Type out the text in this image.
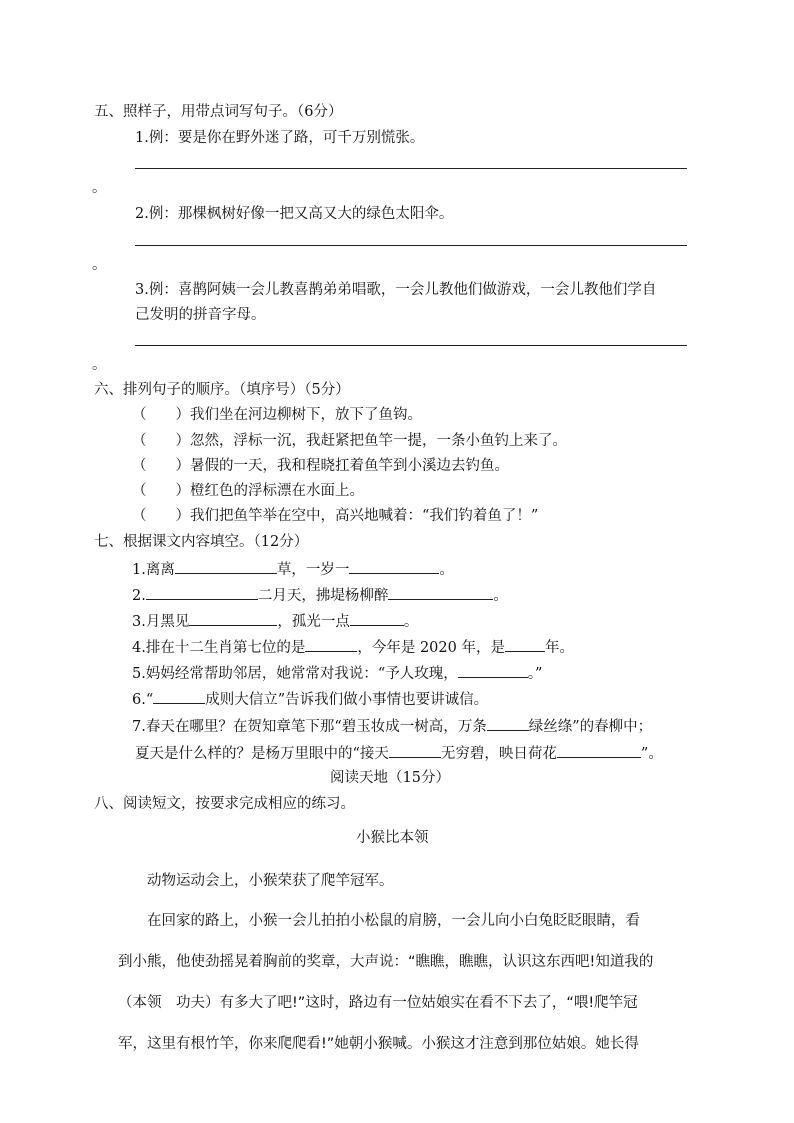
五、照样子，用带点词写句子。（6分）
1.例：要是你在野外迷了路，可千万别慌张。
。
2.例：那棵枫树好像一把又高又大的绿色太阳伞。
。
3.例：喜鹊阿姨一会儿教喜鹊弟弟唱歌，一会儿教他们做游戏，一会儿教他们学自
己发明的拼音字母。
。
六、排列句子的顺序。（填序号）（5分）
（　　）我们坐在河边柳树下，放下了鱼钩。
（　　）忽然，浮标一沉，我赶紧把鱼竿一提，一条小鱼钓上来了。
（　　）暑假的一天，我和程晓扛着鱼竿到小溪边去钓鱼。
（　　）橙红色的浮标漂在水面上。
（　　）我们把鱼竿举在空中，高兴地喊着：“我们钓着鱼了！”
七、根据课文内容填空。（12分）
1.离离	草，一岁一	。
2.	二月天，拂堤杨柳醉	。
3.月黑见	，孤光一点	。
4.排在十二生肖第七位的是	，今年是 2020 年，是	年。
5.妈妈经常帮助邻居，她常常对我说：“予人玫瑰，	。”
6.“	成则大信立”告诉我们做小事情也要讲诚信。
7.春天在哪里？在贺知章笔下那“碧玉妆成一树高，万条	绿丝绦”的春柳中；
夏天是什么样的？是杨万里眼中的“接天	无穷碧，映日荷花	”。
阅读天地（15分）
八、阅读短文，按要求完成相应的练习。
小猴比本领
动物运动会上，小猴荣获了爬竿冠军。
在回家的路上，小猴一会儿拍拍小松鼠的肩膀，一会儿向小白兔眨眨眼睛，看
到小熊，他使劲摇晃着胸前的奖章，大声说：“瞧瞧，瞧瞧，认识这东西吧!知道我的
（本领　功夫）有多大了吧!”这时，路边有一位姑娘实在看不下去了，“喂!爬竿冠
军，这里有根竹竿，你来爬爬看!”她朝小猴喊。小猴这才注意到那位姑娘。她长得
